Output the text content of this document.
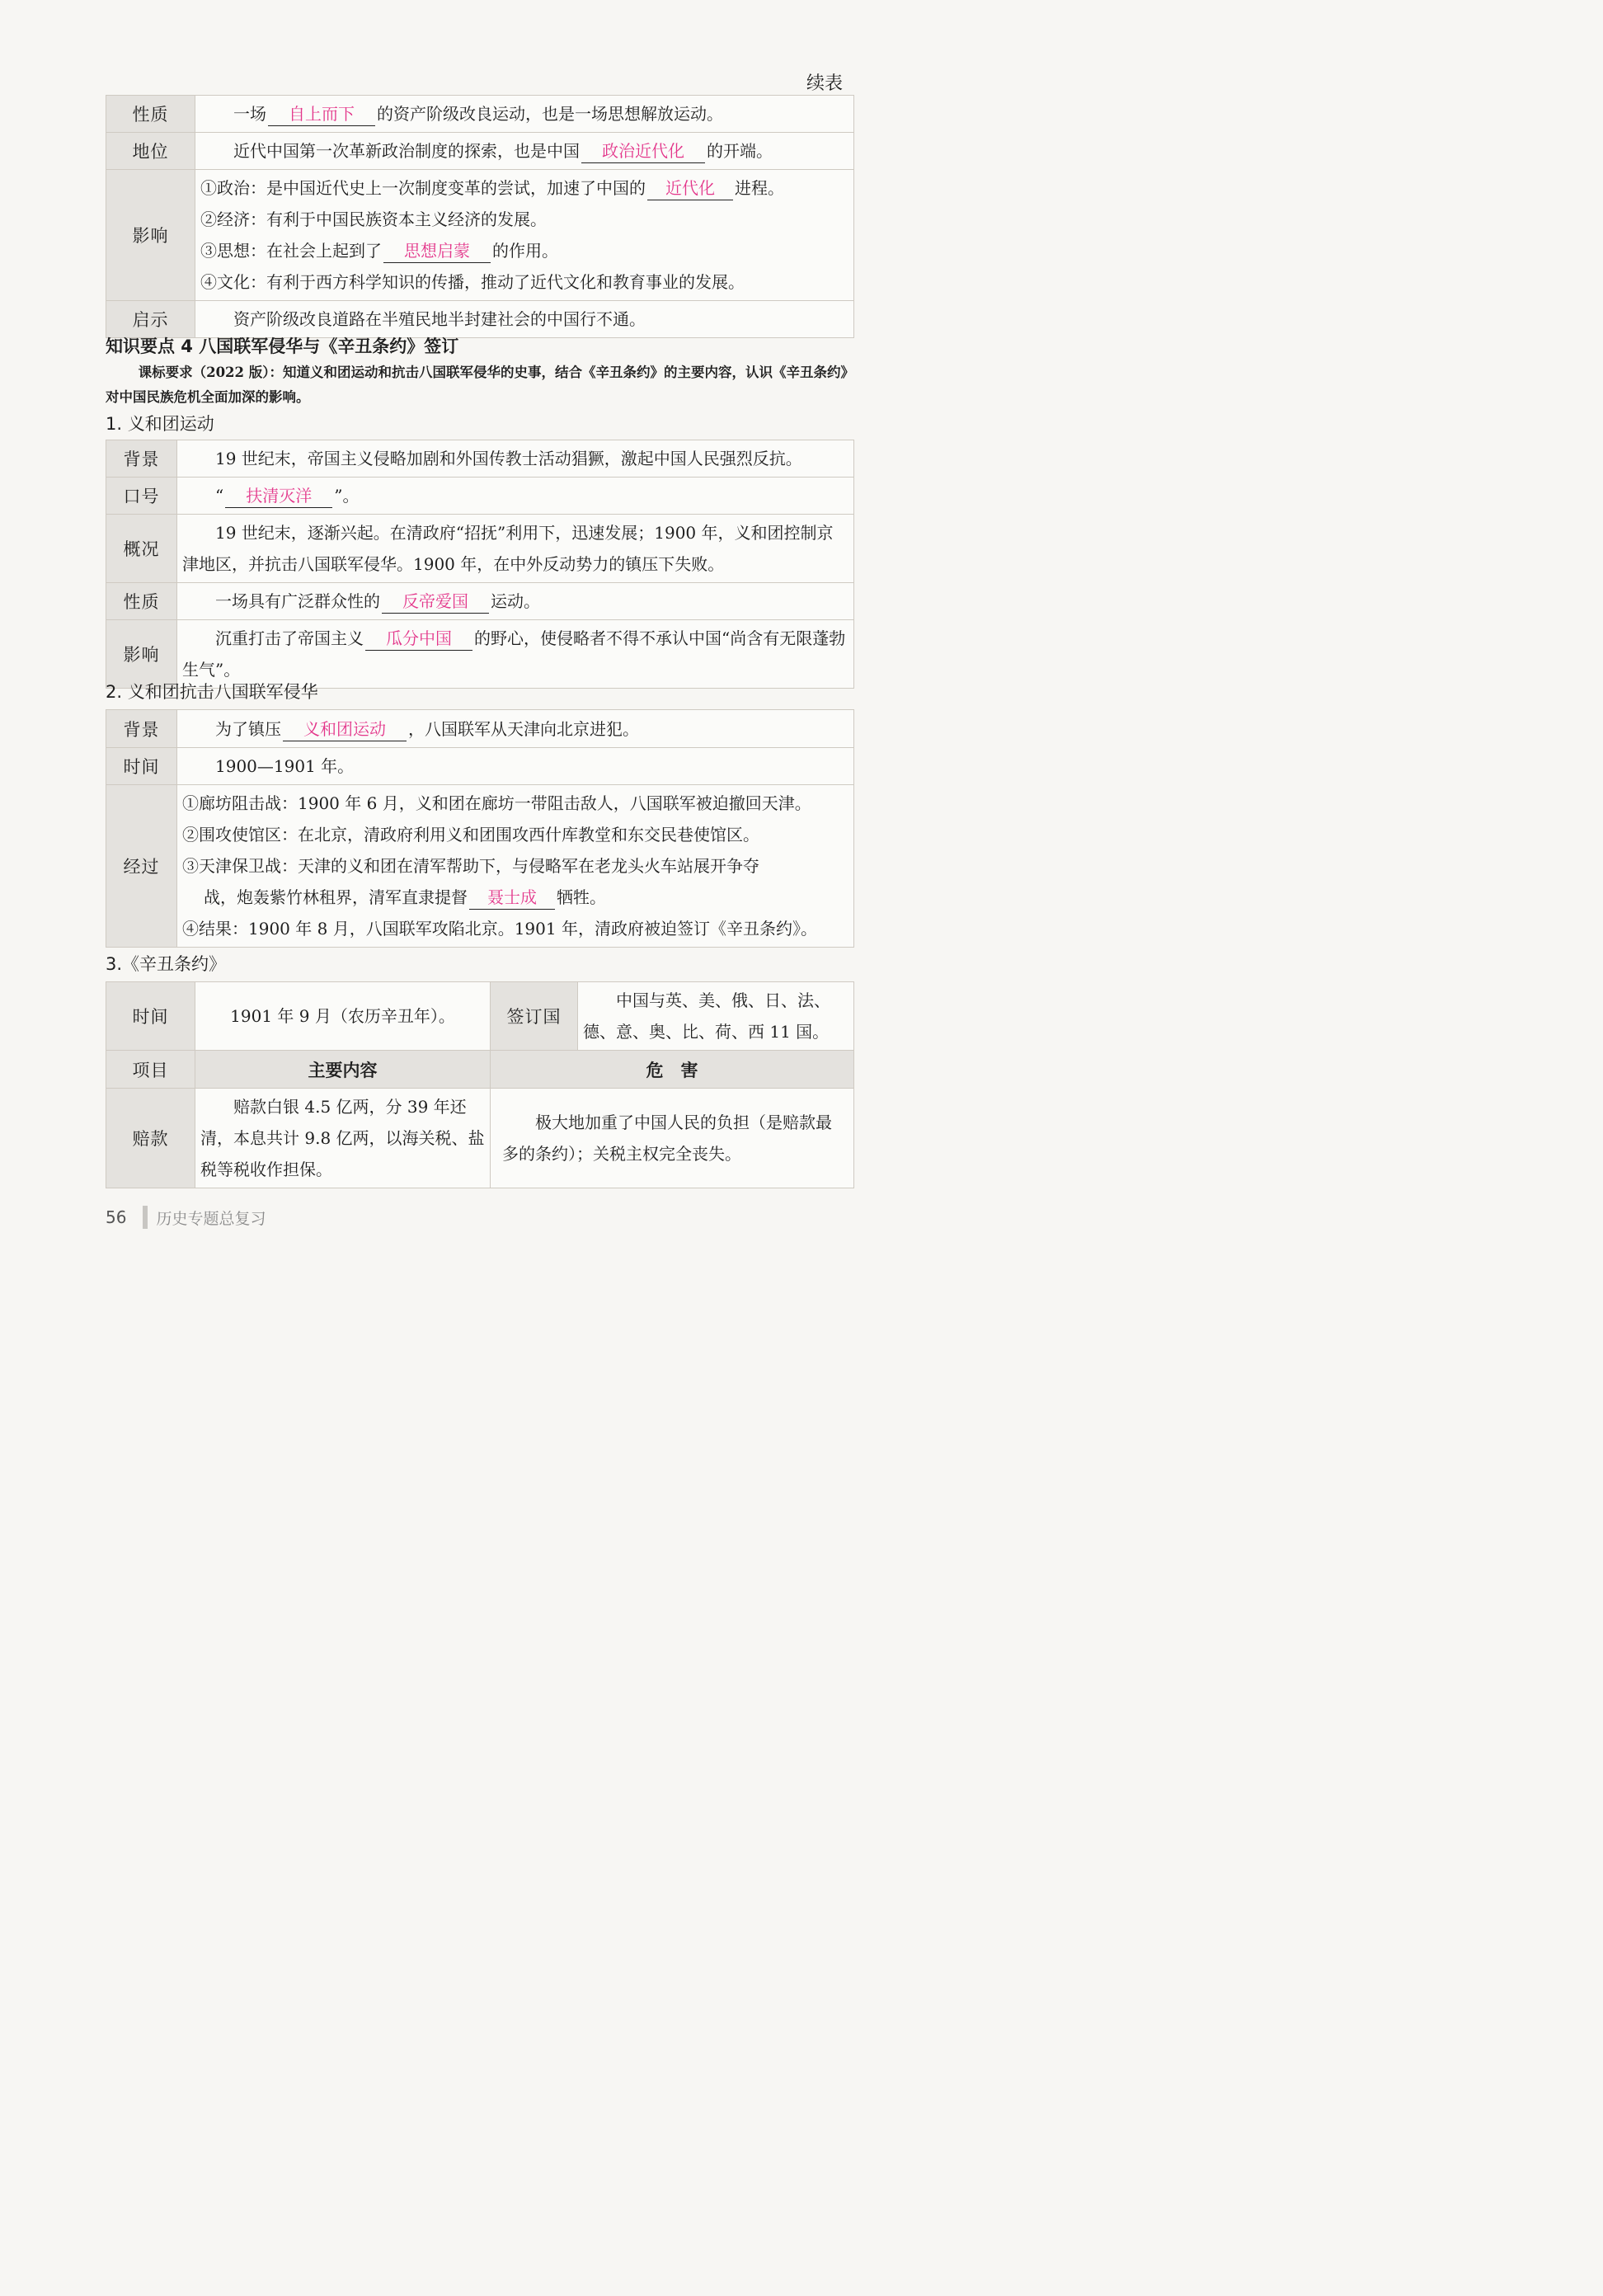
续表
性质	一场 自上而下 的资产阶级改良运动，也是一场思想解放运动。
地位	近代中国第一次革新政治制度的探索，也是中国 政治近代化 的开端。
影响	①政治：是中国近代史上一次制度变革的尝试，加速了中国的 近代化 进程。
②经济：有利于中国民族资本主义经济的发展。
③思想：在社会上起到了 思想启蒙 的作用。
④文化：有利于西方科学知识的传播，推动了近代文化和教育事业的发展。

启示	资产阶级改良道路在半殖民地半封建社会的中国行不通。
知识要点 4 八国联军侵华与《辛丑条约》签订
课标要求（2022 版）：知道义和团运动和抗击八国联军侵华的史事，结合《辛丑条约》的主要内容，认识《辛丑条约》对中国民族危机全面加深的影响。
1. 义和团运动
背景	19 世纪末，帝国主义侵略加剧和外国传教士活动猖獗，激起中国人民强烈反抗。
口号	“ 扶清灭洋 ”。
概况	19 世纪末，逐渐兴起。在清政府“招抚”利用下，迅速发展；1900 年，义和团控制京津地区，并抗击八国联军侵华。1900 年，在中外反动势力的镇压下失败。
性质	一场具有广泛群众性的 反帝爱国 运动。
影响	沉重打击了帝国主义 瓜分中国 的野心，使侵略者不得不承认中国“尚含有无限蓬勃生气”。
2. 义和团抗击八国联军侵华
背景	为了镇压 义和团运动 ，八国联军从天津向北京进犯。
时间	1900—1901 年。
经过	①廊坊阻击战：1900 年 6 月，义和团在廊坊一带阻击敌人，八国联军被迫撤回天津。
②围攻使馆区：在北京，清政府利用义和团围攻西什库教堂和东交民巷使馆区。
③天津保卫战：天津的义和团在清军帮助下，与侵略军在老龙头火车站展开争夺
战，炮轰紫竹林租界，清军直隶提督 聂士成 牺牲。
④结果：1900 年 8 月，八国联军攻陷北京。1901 年，清政府被迫签订《辛丑条约》。
3.《辛丑条约》
时间	1901 年 9 月（农历辛丑年）。	签订国	中国与英、美、俄、日、法、德、意、奥、比、荷、西 11 国。
项目	主要内容	危　害	
赔款	赔款白银 4.5 亿两，分 39 年还清，本息共计 9.8 亿两，以海关税、盐税等税收作担保。	极大地加重了中国人民的负担（是赔款最多的条约）；关税主权完全丧失。	
56 历史专题总复习
